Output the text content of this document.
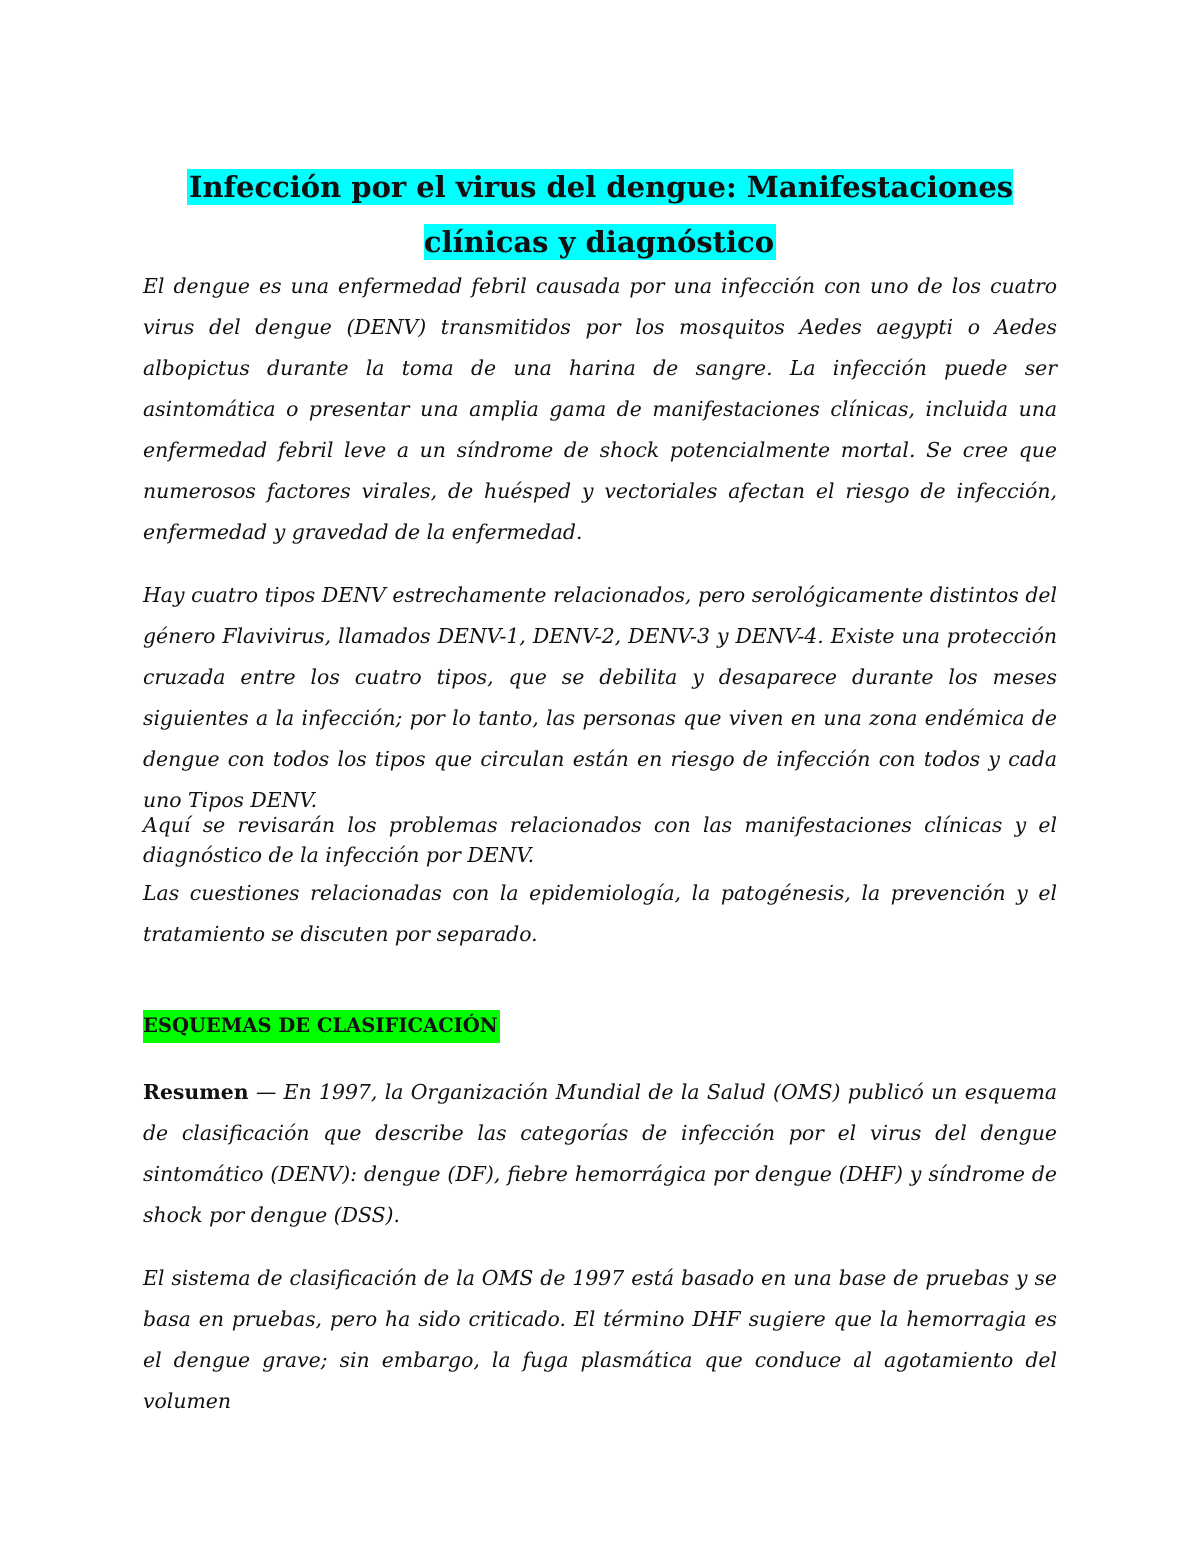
Infección por el virus del dengue: Manifestaciones clínicas y diagnóstico

El dengue es una enfermedad febril causada por una infección con uno de los cuatro virus del dengue (DENV) transmitidos por los mosquitos Aedes aegypti o Aedes albopictus durante la toma de una harina de sangre. La infección puede ser asintomática o presentar una amplia gama de manifestaciones clínicas, incluida una enfermedad febril leve a un síndrome de shock potencialmente mortal. Se cree que numerosos factores virales, de huésped y vectoriales afectan el riesgo de infección, enfermedad y gravedad de la enfermedad.

Hay cuatro tipos DENV estrechamente relacionados, pero serológicamente distintos del género Flavivirus, llamados DENV-1, DENV-2, DENV-3 y DENV-4. Existe una protección cruzada entre los cuatro tipos, que se debilita y desaparece durante los meses siguientes a la infección; por lo tanto, las personas que viven en una zona endémica de dengue con todos los tipos que circulan están en riesgo de infección con todos y cada uno Tipos DENV.

Aquí se revisarán los problemas relacionados con las manifestaciones clínicas y el diagnóstico de la infección por DENV.

Las cuestiones relacionadas con la epidemiología, la patogénesis, la prevención y el tratamiento se discuten por separado.

ESQUEMAS DE CLASIFICACIÓN

Resumen — En 1997, la Organización Mundial de la Salud (OMS) publicó un esquema de clasificación que describe las categorías de infección por el virus del dengue sintomático (DENV): dengue (DF), fiebre hemorrágica por dengue (DHF) y síndrome de shock por dengue (DSS).

El sistema de clasificación de la OMS de 1997 está basado en una base de pruebas y se basa en pruebas, pero ha sido criticado. El término DHF sugiere que la hemorragia es el dengue grave; sin embargo, la fuga plasmática que conduce al agotamiento del volumen
